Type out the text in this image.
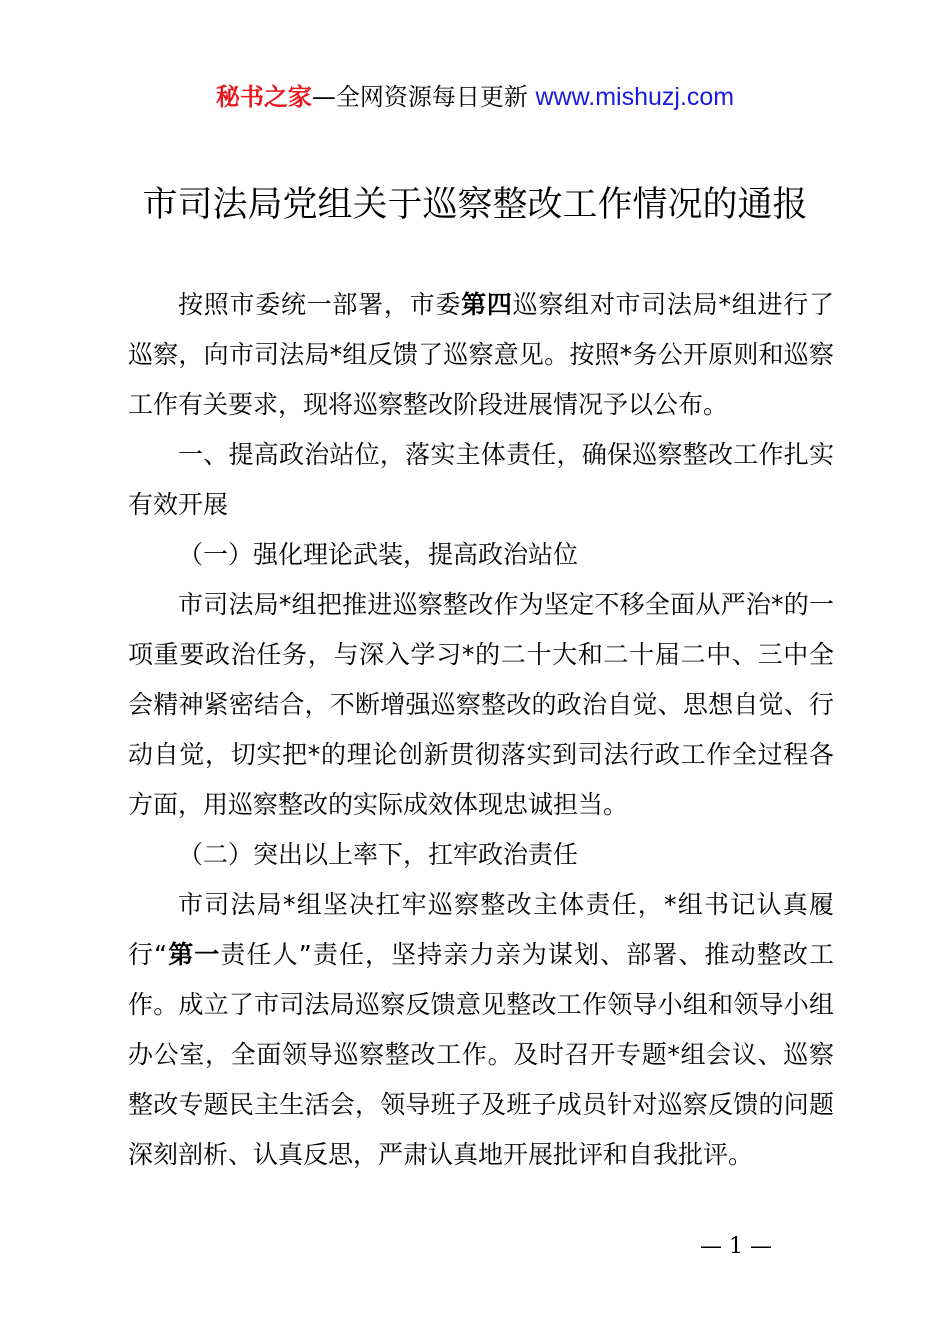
秘书之家—全网资源每日更新 www.mishuzj.com
市司法局党组关于巡察整改工作情况的通报

按照市委统一部署，市委第四巡察组对市司法局*组进行了巡察，向市司法局*组反馈了巡察意见。按照*务公开原则和巡察工作有关要求，现将巡察整改阶段进展情况予以公布。

一、提高政治站位，落实主体责任，确保巡察整改工作扎实有效开展

（一）强化理论武装，提高政治站位

市司法局*组把推进巡察整改作为坚定不移全面从严治*的一项重要政治任务，与深入学习*的二十大和二十届二中、三中全会精神紧密结合，不断增强巡察整改的政治自觉、思想自觉、行动自觉，切实把*的理论创新贯彻落实到司法行政工作全过程各方面，用巡察整改的实际成效体现忠诚担当。

（二）突出以上率下，扛牢政治责任

市司法局*组坚决扛牢巡察整改主体责任，*组书记认真履行“第一责任人”责任，坚持亲力亲为谋划、部署、推动整改工作。成立了市司法局巡察反馈意见整改工作领导小组和领导小组办公室，全面领导巡察整改工作。及时召开专题*组会议、巡察整改专题民主生活会，领导班子及班子成员针对巡察反馈的问题深刻剖析、认真反思，严肃认真地开展批评和自我批评。

— 1 —
